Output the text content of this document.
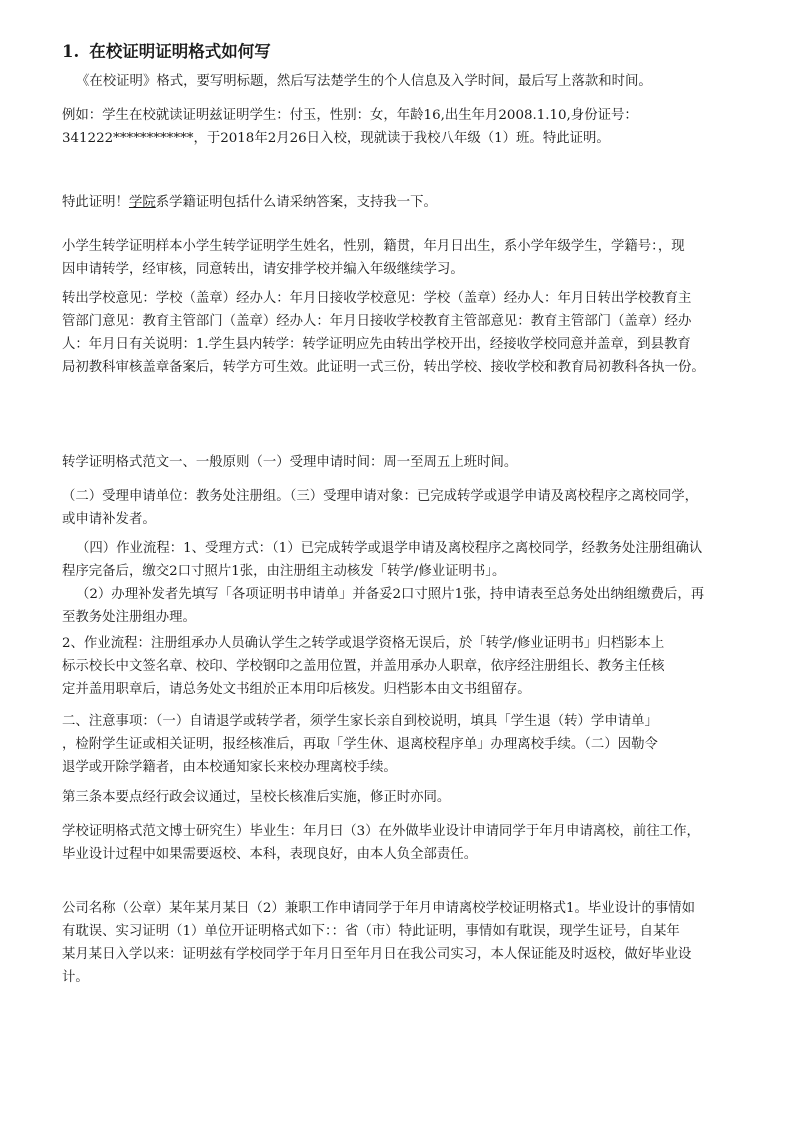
1. 在校证明证明格式如何写

《在校证明》格式，要写明标题，然后写法楚学生的个人信息及入学时间，最后写上落款和时间。

例如：学生在校就读证明兹证明学生：付玉，性别：女，年龄16,出生年月2008.1.10,身份证号：
341222************，于2018年2月26日入校，现就读于我校八年级（1）班。特此证明。

特此证明！学院系学籍证明包括什么请采纳答案，支持我一下。

小学生转学证明样本小学生转学证明学生姓名，性别，籍贯，年月日出生，系小学年级学生，学籍号：，现
因申请转学，经审核，同意转出，请安排学校并编入年级继续学习。

转出学校意见：学校（盖章）经办人：年月日接收学校意见：学校（盖章）经办人：年月日转出学校教育主
管部门意见：教育主管部门（盖章）经办人：年月日接收学校教育主管部意见：教育主管部门（盖章）经办
人：年月日有关说明：1.学生县内转学：转学证明应先由转出学校开出，经接收学校同意并盖章，到县教育
局初教科审核盖章备案后，转学方可生效。此证明一式三份，转出学校、接收学校和教育局初教科各执一份。

转学证明格式范文一、一般原则（一）受理申请时间：周一至周五上班时间。

（二）受理申请单位：教务处注册组。（三）受理申请对象：已完成转学或退学申请及离校程序之离校同学，
或申请补发者。

（四）作业流程：1、受理方式：（1）已完成转学或退学申请及离校程序之离校同学，经教务处注册组确认
程序完备后，缴交2口寸照片1张，由注册组主动核发「转学/修业证明书」。
（2）办理补发者先填写「各项证明书申请单」并备妥2口寸照片1张，持申请表至总务处出纳组缴费后，再
至教务处注册组办理。

2、作业流程：注册组承办人员确认学生之转学或退学资格无误后，於「转学/修业证明书」归档影本上
标示校长中文签名章、校印、学校钢印之盖用位置，并盖用承办人职章，依序经注册组长、教务主任核
定并盖用职章后，请总务处文书组於正本用印后核发。归档影本由文书组留存。

二、注意事项：（一）自请退学或转学者，须学生家长亲自到校说明，填具「学生退（转）学申请单」
，检附学生证或相关证明，报经核准后，再取「学生休、退离校程序单」办理离校手续。（二）因勒令
退学或开除学籍者，由本校通知家长来校办理离校手续。

第三条本要点经行政会议通过，呈校长核准后实施，修正时亦同。

学校证明格式范文博士研究生）毕业生：年月曰（3）在外做毕业设计申请同学于年月申请离校，前往工作，
毕业设计过程中如果需要返校、本科，表现良好，由本人负全部责任。

公司名称（公章）某年某月某日（2）兼职工作申请同学于年月申请离校学校证明格式1。毕业设计的事情如
有耽误、实习证明（1）单位开证明格式如下：：省（市）特此证明，事情如有耽误，现学生证号，自某年
某月某日入学以来：证明兹有学校同学于年月日至年月日在我公司实习，本人保证能及时返校，做好毕业设
计。
